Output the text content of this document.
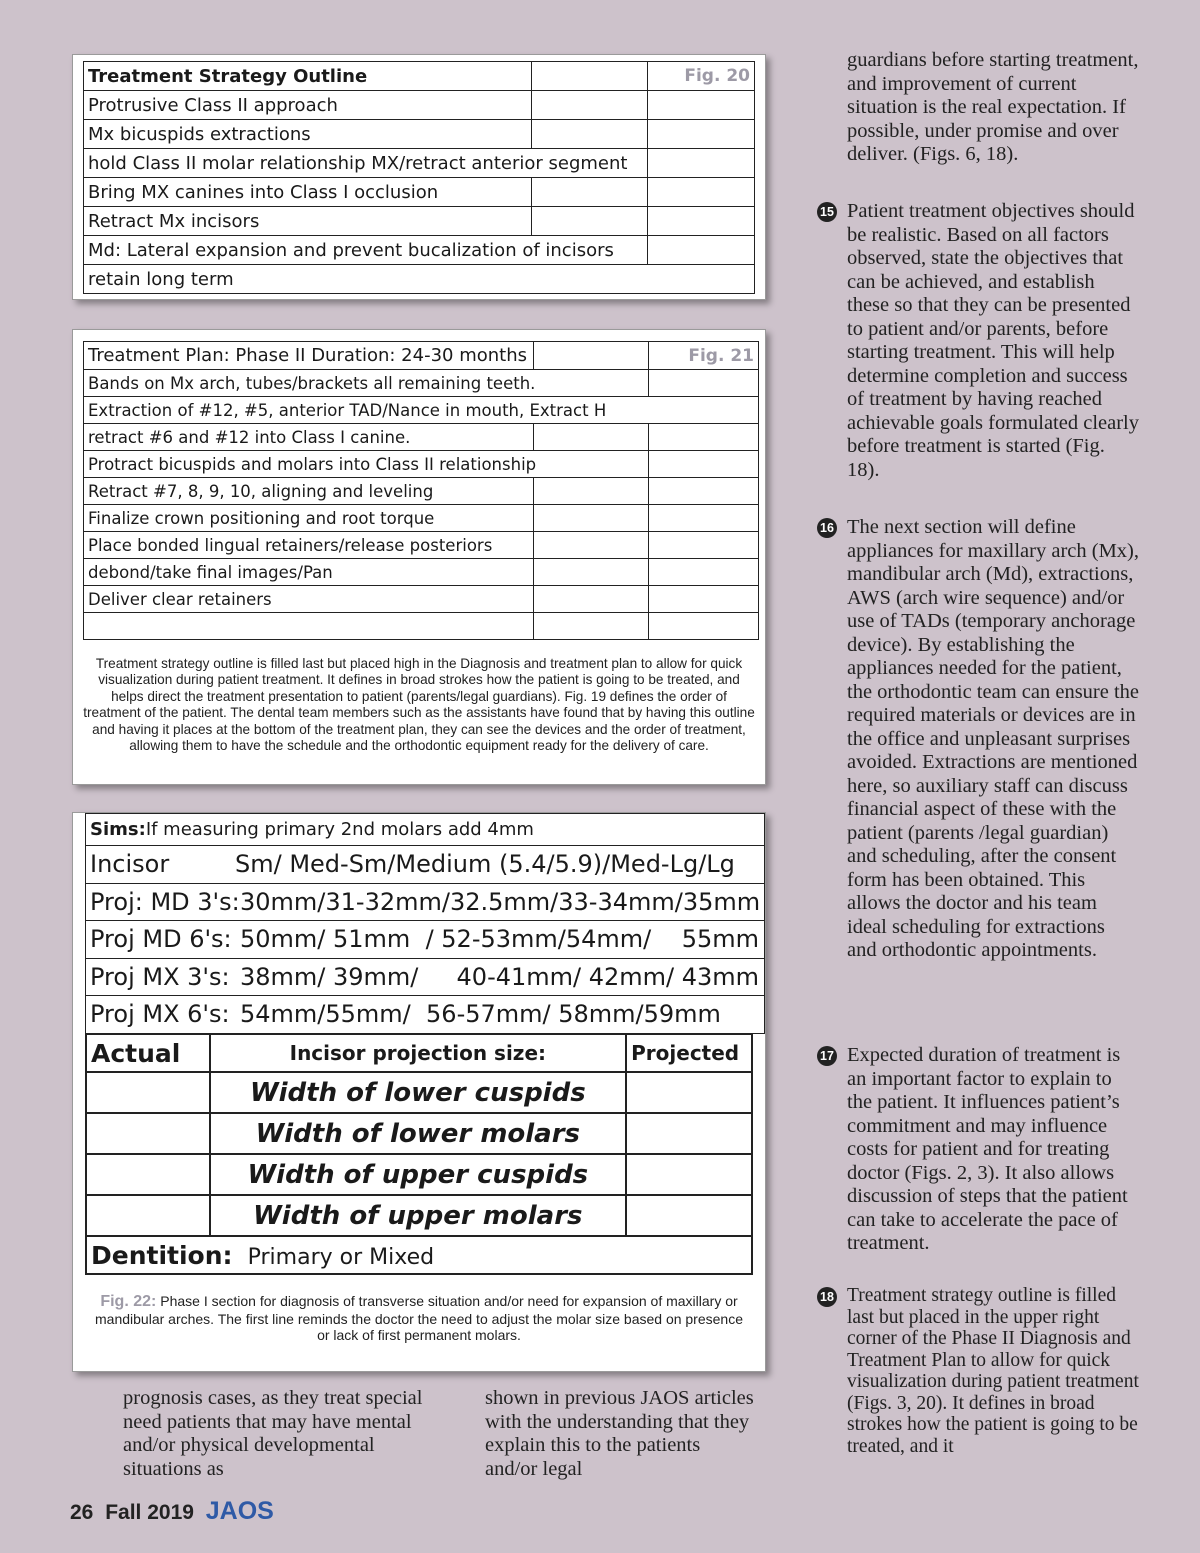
Treatment Strategy Outline		Fig. 20
Protrusive Class II approach		
Mx bicuspids extractions		
hold Class II molar relationship MX/retract anterior segment		
Bring MX canines into Class I occlusion		
Retract Mx incisors		
Md: Lateral expansion and prevent bucalization of incisors		
retain long term		
Treatment Plan: Phase II Duration: 24-30 months		Fig. 21
Bands on Mx arch, tubes/brackets all remaining teeth.		
Extraction of #12, #5, anterior TAD/Nance in mouth, Extract H		
retract #6 and #12 into Class I canine.		
Protract bicuspids and molars into Class II relationship		
Retract #7, 8, 9, 10, aligning and leveling		
Finalize crown positioning and root torque		
Place bonded lingual retainers/release posteriors		
debond/take final images/Pan		
Deliver clear retainers		

Treatment strategy outline is filled last but placed high in the Diagnosis and treatment plan to allow for quick visualization during patient treatment. It defines in broad strokes how the patient is going to be treated, and helps direct the treatment presentation to patient (parents/legal guardians). Fig. 19 defines the order of treatment of the patient. The dental team members such as the assistants have found that by having this outline and having it places at the bottom of the treatment plan, they can see the devices and the order of treatment, allowing them to have the schedule and the orthodontic equipment ready for the delivery of care.
Sims:If measuring primary 2nd molars add 4mm
Incisor	Sm/ Med-Sm/Medium (5.4/5.9)/Med-Lg/Lg
Proj: MD 3's:30mm/31-32mm/32.5mm/33-34mm/35mm
Proj MD 6's: 50mm/ 51mm  / 52-53mm/54mm/    55mm
Proj MX 3's: 38mm/ 39mm/     40-41mm/ 42mm/ 43mm
Proj MX 6's: 54mm/55mm/  56-57mm/ 58mm/59mm
Actual	Incisor projection size:	Projected
	Width of lower cuspids	
	Width of lower molars	
	Width of upper cuspids	
	Width of upper molars	
Dentition: Primary or Mixed		
Fig. 22: Phase I section for diagnosis of transverse situation and/or need for expansion of maxillary or mandibular arches. The first line reminds the doctor the need to adjust the molar size based on presence or lack of first permanent molars.
prognosis cases, as they treat special need patients that may have mental and/or physical developmental situations as
shown in previous JAOS articles with the understanding that they explain this to the patients and/or legal
guardians before starting treatment, and improvement of current situation is the real expectation. If possible, under promise and over deliver. (Figs. 6, 18).
15 Patient treatment objectives should be realistic. Based on all factors observed, state the objectives that can be achieved, and establish these so that they can be presented to patient and/or parents, before starting treatment. This will help determine completion and success of treatment by having reached achievable goals formulated clearly before treatment is started (Fig. 18).
16 The next section will define appliances for maxillary arch (Mx), mandibular arch (Md), extractions, AWS (arch wire sequence) and/or use of TADs (temporary anchorage device). By establishing the appliances needed for the patient, the orthodontic team can ensure the required materials or devices are in the office and unpleasant surprises avoided. Extractions are mentioned here, so auxiliary staff can discuss financial aspect of these with the patient (parents /legal guardian) and scheduling, after the consent form has been obtained. This allows the doctor and his team ideal scheduling for extractions and orthodontic appointments.
17 Expected duration of treatment is an important factor to explain to the patient. It influences patient’s commitment and may influence costs for patient and for treating doctor (Figs. 2, 3). It also allows discussion of steps that the patient can take to accelerate the pace of treatment.
18 Treatment strategy outline is filled last but placed in the upper right corner of the Phase II Diagnosis and Treatment Plan to allow for quick visualization during patient treatment (Figs. 3, 20). It defines in broad strokes how the patient is going to be treated, and it
26 Fall 2019 JAOS
